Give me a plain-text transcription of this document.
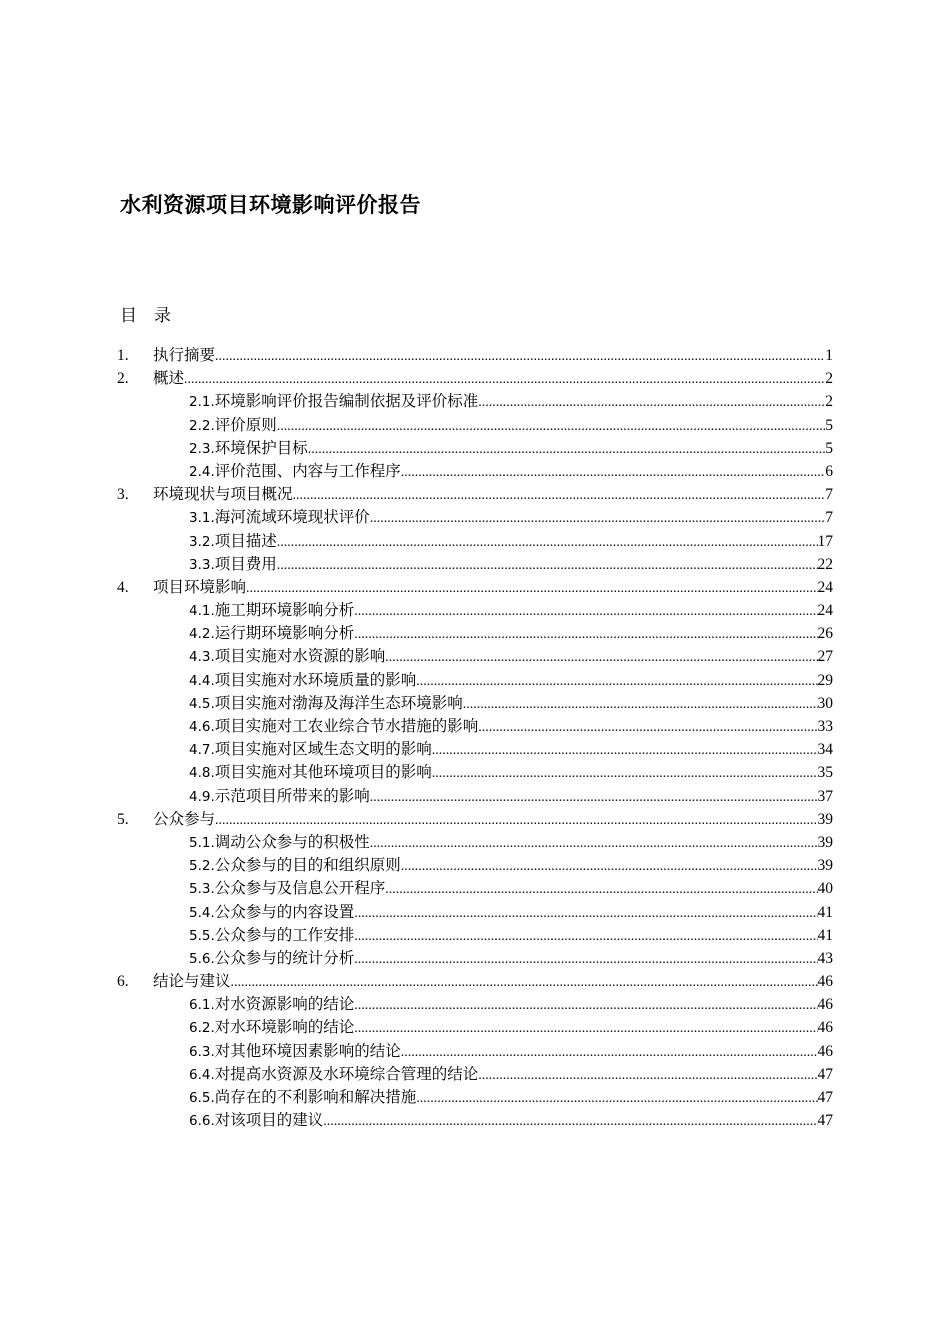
水利资源项目环境影响评价报告
目录
1.	执行摘要 .....	1
2.	概述 .....	2
2.1. 环境影响评价报告编制依据及评价标准 .....	2
2.2. 评价原则 .....	5
2.3. 环境保护目标 .....	5
2.4. 评价范围、内容与工作程序 .....	6
3.	环境现状与项目概况 .....	7
3.1. 海河流域环境现状评价 .....	7
3.2. 项目描述 .....	17
3.3. 项目费用 .....	22
4.	项目环境影响 .....	24
4.1. 施工期环境影响分析 .....	24
4.2. 运行期环境影响分析 .....	26
4.3. 项目实施对水资源的影响 .....	27
4.4. 项目实施对水环境质量的影响 .....	29
4.5. 项目实施对渤海及海洋生态环境影响 .....	30
4.6. 项目实施对工农业综合节水措施的影响 .....	33
4.7. 项目实施对区域生态文明的影响 .....	34
4.8. 项目实施对其他环境项目的影响 .....	35
4.9. 示范项目所带来的影响 .....	37
5.	公众参与 .....	39
5.1. 调动公众参与的积极性 .....	39
5.2. 公众参与的目的和组织原则 .....	39
5.3. 公众参与及信息公开程序 .....	40
5.4. 公众参与的内容设置 .....	41
5.5. 公众参与的工作安排 .....	41
5.6. 公众参与的统计分析 .....	43
6.	结论与建议 .....	46
6.1. 对水资源影响的结论 .....	46
6.2. 对水环境影响的结论 .....	46
6.3. 对其他环境因素影响的结论 .....	46
6.4. 对提高水资源及水环境综合管理的结论 .....	47
6.5. 尚存在的不利影响和解决措施 .....	47
6.6. 对该项目的建议 .....	47
